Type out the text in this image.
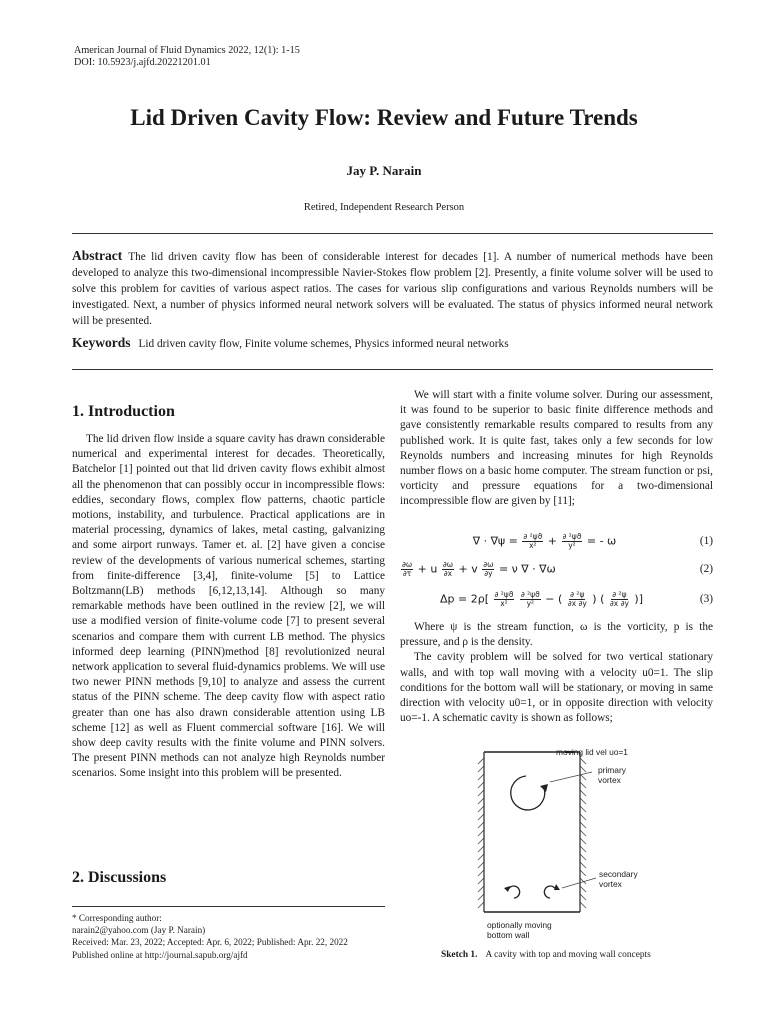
American Journal of Fluid Dynamics 2022, 12(1): 1-15
DOI: 10.5923/j.ajfd.20221201.01
Lid Driven Cavity Flow: Review and Future Trends
Jay P. Narain
Retired, Independent Research Person
Abstract The lid driven cavity flow has been of considerable interest for decades [1]. A number of numerical methods have been developed to analyze this two-dimensional incompressible Navier-Stokes flow problem [2]. Presently, a finite volume solver will be used to solve this problem for cavities of various aspect ratios. The cases for various slip configurations and various Reynolds numbers will be investigated. Next, a number of physics informed neural network solvers will be evaluated. The status of physics informed neural network will be presented.
Keywords Lid driven cavity flow, Finite volume schemes, Physics informed neural networks
1. Introduction

The lid driven flow inside a square cavity has drawn considerable numerical and experimental interest for decades. Theoretically, Batchelor [1] pointed out that lid driven cavity flows exhibit almost all the phenomenon that can possibly occur in incompressible flows: eddies, secondary flows, complex flow patterns, chaotic particle motions, instability, and turbulence. Practical applications are in material processing, dynamics of lakes, metal casting, galvanizing and some airport runways. Tamer et. al. [2] have given a concise review of the developments of various numerical schemes, starting from finite-difference [3,4], finite-volume [5] to Lattice Boltzmann(LB) methods [6,12,13,14]. Although so many remarkable methods have been outlined in the review [2], we will use a modified version of finite-volume code [7] to present several scenarios and compare them with current LB method. The physics informed deep learning (PINN)method [8] revolutionized neural network application to several fluid-dynamics problems. We will use two newer PINN methods [9,10] to analyze and assess the current status of the PINN scheme. The deep cavity flow with aspect ratio greater than one has also drawn considerable attention using LB scheme [12] as well as Fluent commercial software [16]. We will show deep cavity results with the finite volume and PINN solvers. The present PINN methods can not analyze high Reynolds number scenarios. Some insight into this problem will be presented.

2. Discussions
* Corresponding author:
narain2@yahoo.com (Jay P. Narain)
Received: Mar. 23, 2022; Accepted: Apr. 6, 2022; Published: Apr. 22, 2022
Published online at http://journal.sapub.org/ajfd

We will start with a finite volume solver. During our assessment, it was found to be superior to basic finite difference methods and gave consistently remarkable results compared to results from any published work. It is quite fast, takes only a few seconds for low Reynolds numbers and increasing minutes for high Reynolds number flows on a basic home computer. The stream function or psi, vorticity and pressure equations for a two-dimensional incompressible flow are given by [11];

∇ · $\nabla\psi = \frac{\text{∂ ²ψϑ}}{\text{x²}} + \frac{\text{∂ ²ψϑ}}{\text{y²}}$ = - ω	(1)
$\frac{\partial\omega}{\partial\tau} + u \frac{\partial\omega}{\partial x} + v \frac{\partial\omega}{\partial y} = \nu$ ∇ · ∇ω	(2)
$\Delta p = 2\rho[ \frac{\text{∂ ²ψϑ}}{\text{x²}}$
$\frac{\text{∂ ²ψϑ}}{\text{y²}}$ − ( $\frac{\text{∂ ²ψ}}{\partial x \partial y}$ ) ( $\frac{\text{∂ ²ψ}}{\partial x \partial y}$ )]	(3)

Where ψ is the stream function, ω is the vorticity, p is the pressure, and ρ is the density.

The cavity problem will be solved for two vertical stationary walls, and with top wall moving with a velocity u0=1. The slip conditions for the bottom wall will be stationary, or moving in same direction with velocity u0=1, or in opposite direction with velocity uo=-1. A schematic cavity is shown as follows;

moving lid vel uo=1
primary
vortex
secondary
vortex
optionally moving
bottom wall
Sketch 1. A cavity with top and moving wall concepts
